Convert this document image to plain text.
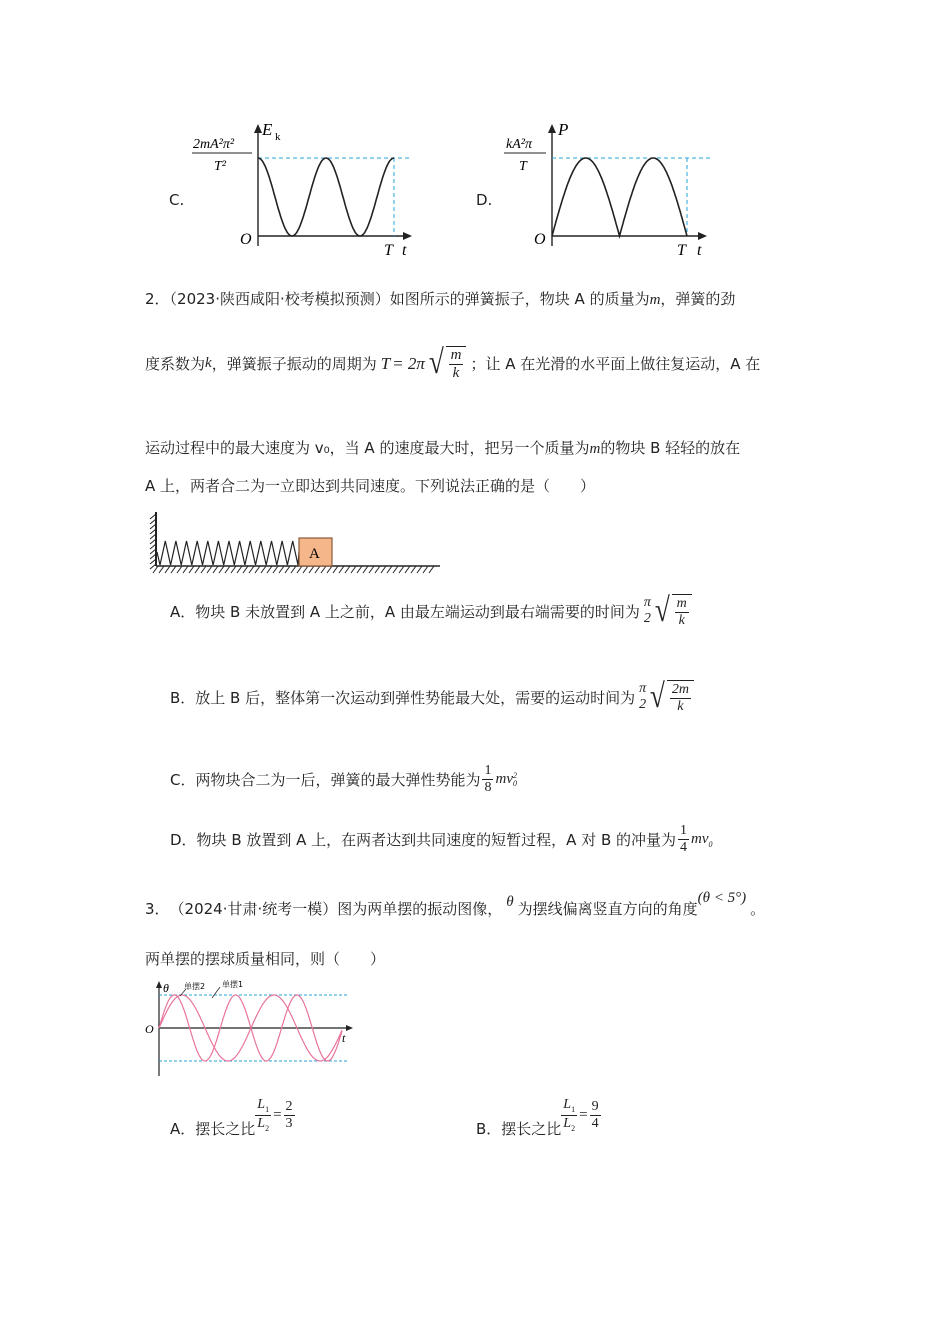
C.
E k
O
T t
2mA²π²
T²
D.
P
O
T t
kA²π
T
2．（2023·陕西咸阳·校考模拟预测）如图所示的弹簧振子，物块 A 的质量为m，弹簧的劲
度系数为 k ，弹簧振子振动的周期为 T = 2π √ $\frac{m}{k}$ ；让 A 在光滑的水平面上做往复运动，A 在
运动过程中的最大速度为 v₀，当 A 的速度最大时，把另一个质量为m的物块 B 轻轻的放在
A 上，两者合二为一立即达到共同速度。下列说法正确的是（　　）
A
A．物块 B 未放置到 A 上之前，A 由最左端运动到最右端需要的时间为 π
2 √ $\frac{m}{k}$
B．放上 B 后，整体第一次运动到弹性势能最大处，需要的运动时间为 π
2 √ $\frac{2m}{k}$
C．两物块合二为一后，弹簧的最大弹性势能为 $\frac{1}{8}$ mv 2
0
D．物块 B 放置到 A 上，在两者达到共同速度的短暂过程，A 对 B 的冲量为 $\frac{1}{4} mv_0$
3． （2024·甘肃·统考一模） 图为两单摆的振动图像， θ 为摆线偏离竖直方向的角度
(θ < 5°)
。
两单摆的摆球质量相同，则（　　）
单摆2 单摆1
θ
O
t
A．摆长之比 $\frac{L_1}{L_2} = \frac{2}{3}$	B．摆长之比 $\frac{L_1}{L_2} = \frac{9}{4}$
